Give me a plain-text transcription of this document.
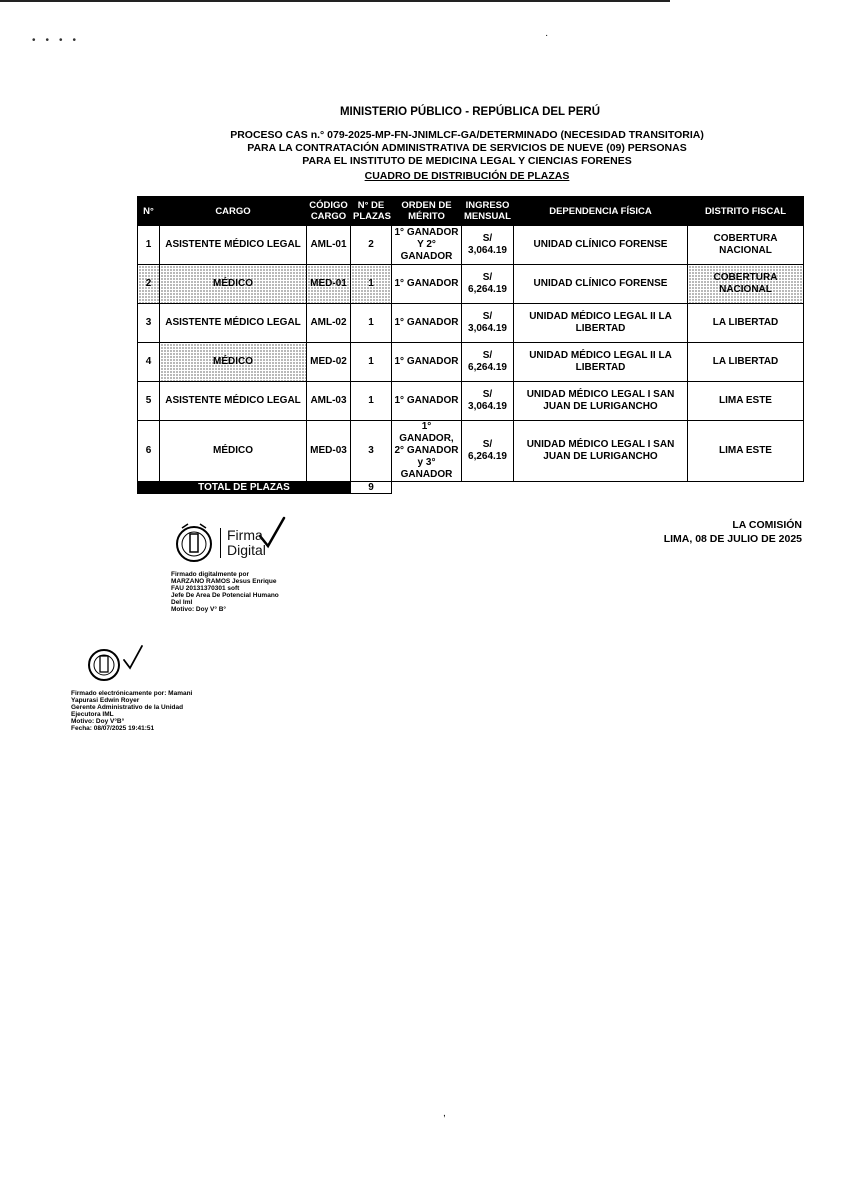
••••	·
MINISTERIO PÚBLICO - REPÚBLICA DEL PERÚ
PROCESO CAS n.° 079-2025-MP-FN-JNIMLCF-GA/DETERMINADO (NECESIDAD TRANSITORIA)
PARA LA CONTRATACIÓN ADMINISTRATIVA DE SERVICIOS DE NUEVE (09) PERSONAS
PARA EL INSTITUTO DE MEDICINA LEGAL Y CIENCIAS FORENES
CUADRO DE DISTRIBUCIÓN DE PLAZAS
N°	CARGO	CÓDIGO CARGO	N° DE PLAZAS	ORDEN DE MÉRITO	INGRESO MENSUAL	DEPENDENCIA FÍSICA	DISTRITO FISCAL
1	ASISTENTE MÉDICO LEGAL	AML-01	2	1° GANADOR Y 2° GANADOR	S/ 3,064.19	UNIDAD CLÍNICO FORENSE	COBERTURA NACIONAL
2	MÉDICO	MED-01	1	1° GANADOR	S/ 6,264.19	UNIDAD CLÍNICO FORENSE	COBERTURA NACIONAL
3	ASISTENTE MÉDICO LEGAL	AML-02	1	1° GANADOR	S/ 3,064.19	UNIDAD MÉDICO LEGAL II LA LIBERTAD	LA LIBERTAD
4	MÉDICO	MED-02	1	1° GANADOR	S/ 6,264.19	UNIDAD MÉDICO LEGAL II LA LIBERTAD	LA LIBERTAD
5	ASISTENTE MÉDICO LEGAL	AML-03	1	1° GANADOR	S/ 3,064.19	UNIDAD MÉDICO LEGAL I SAN JUAN DE LURIGANCHO	LIMA ESTE
6	MÉDICO	MED-03	3	1° GANADOR, 2° GANADOR y 3° GANADOR	S/ 6,264.19	UNIDAD MÉDICO LEGAL I SAN JUAN DE LURIGANCHO	LIMA ESTE
TOTAL DE PLAZAS			9				
LA COMISIÓN
LIMA, 08 DE JULIO DE 2025
Firma
Digital
Firmado digitalmente por
MARZANO RAMOS Jesus Enrique
FAU 20131370301 soft
Jefe De Area De Potencial Humano
Del Iml
Motivo: Doy V° B°
Firmado electrónicamente por: Mamani
Yapurasi Edwin Royer
Gerente Administrativo de la Unidad
Ejecutora IML
Motivo: Doy V°B°
Fecha: 08/07/2025 19:41:51
,
